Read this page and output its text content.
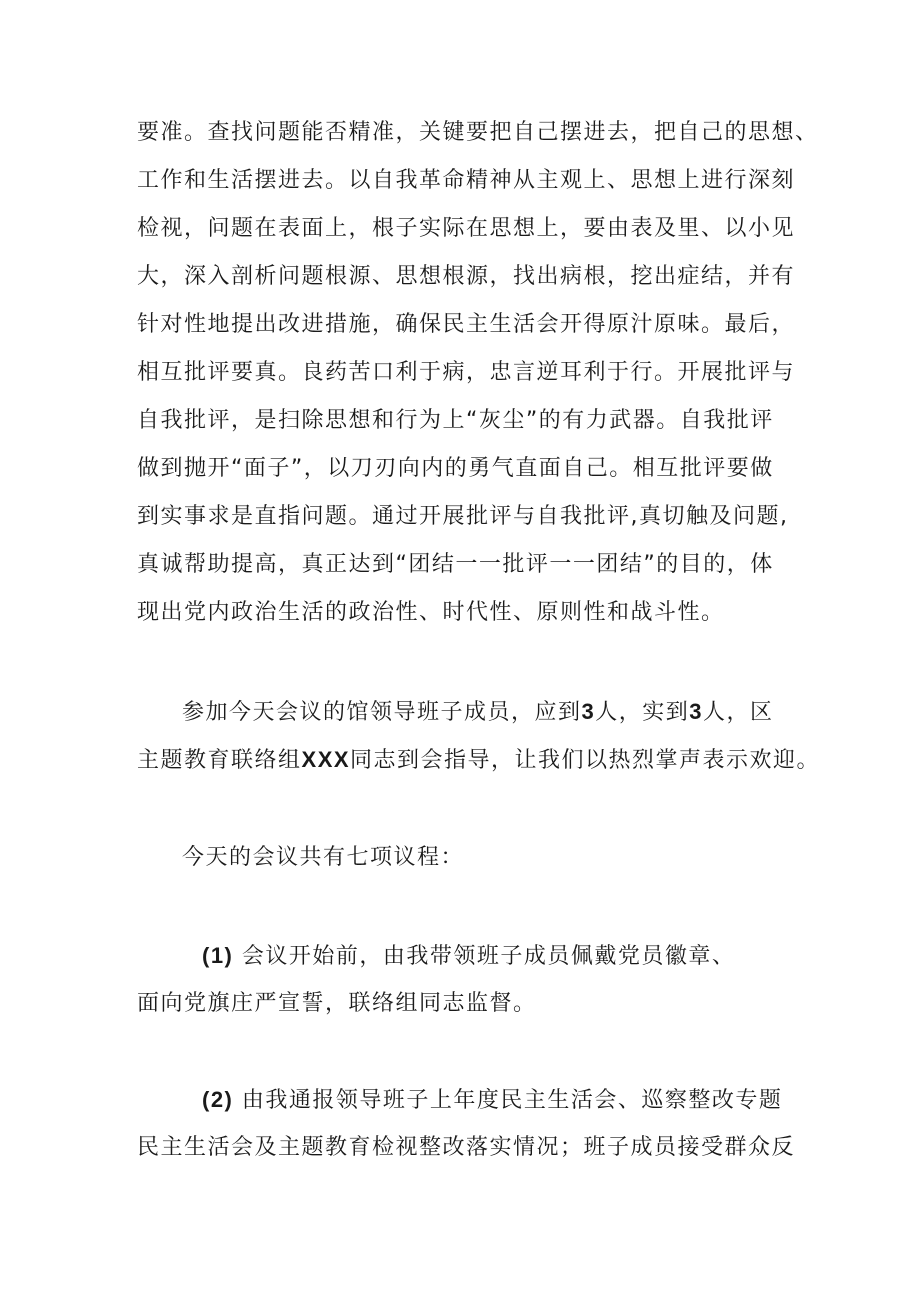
要准。查找问题能否精准，关键要把自己摆进去，把自己的思想、
工作和生活摆进去。以自我革命精神从主观上、思想上进行深刻
检视，问题在表面上，根子实际在思想上，要由表及里、以小见
大，深入剖析问题根源、思想根源，找出病根，挖出症结，并有
针对性地提出改进措施，确保民主生活会开得原汁原味。最后，
相互批评要真。良药苦口利于病，忠言逆耳利于行。开展批评与
自我批评，是扫除思想和行为上“灰尘”的有力武器。自我批评
做到抛开“面子”，以刀刃向内的勇气直面自己。相互批评要做
到实事求是直指问题。通过开展批评与自我批评,真切触及问题,
真诚帮助提高，真正达到“团结一一批评一一团结”的目的，体
现出党内政治生活的政治性、时代性、原则性和战斗性。
参加今天会议的馆领导班子成员，应到3人，实到3人，区
主题教育联络组XXX同志到会指导，让我们以热烈掌声表示欢迎。
今天的会议共有七项议程：
(1) 会议开始前，由我带领班子成员佩戴党员徽章、
面向党旗庄严宣誓，联络组同志监督。
(2) 由我通报领导班子上年度民主生活会、巡察整改专题
民主生活会及主题教育检视整改落实情况；班子成员接受群众反
